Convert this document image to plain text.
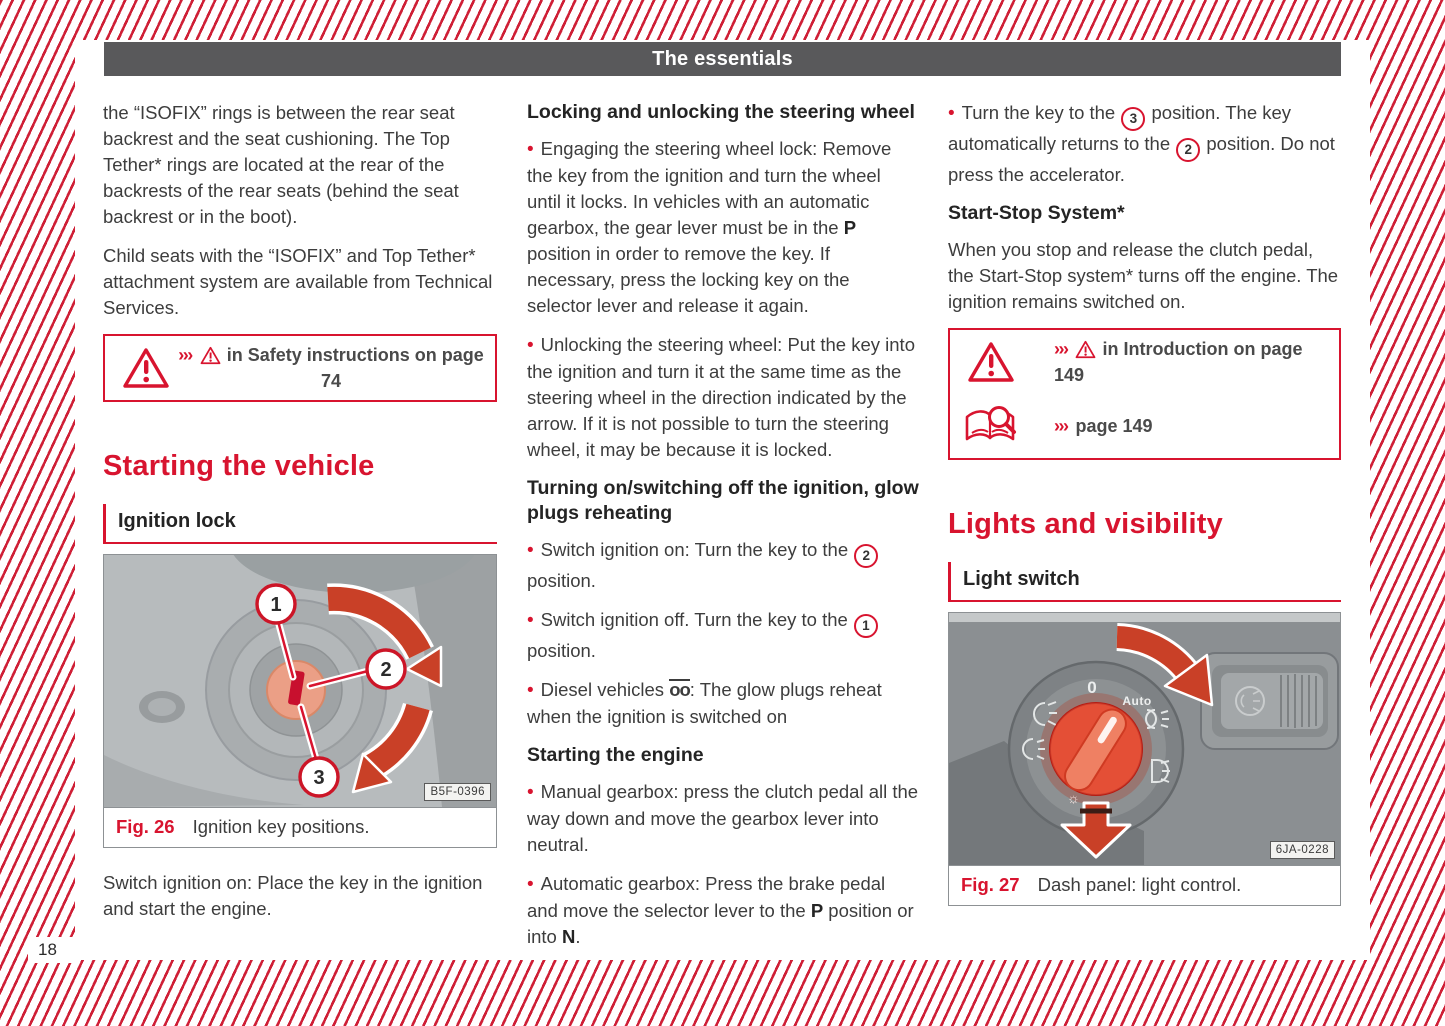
The essentials

the “ISOFIX” rings is between the rear seat backrest and the seat cushioning. The Top Tether* rings are located at the rear of the backrests of the rear seats (behind the seat backrest or in the boot).

Child seats with the “ISOFIX” and Top Tether* attachment system are available from Technical Services.

››› in Safety instructions on page 74
Starting the vehicle
Ignition lock
1
2
3
B5F-0396
Fig. 26 Ignition key positions.

Switch ignition on: Place the key in the ignition and start the engine.

Locking and unlocking the steering wheel

• Engaging the steering wheel lock: Remove the key from the ignition and turn the wheel until it locks. In vehicles with an automatic gearbox, the gear lever must be in the P position in order to remove the key. If necessary, press the locking key on the selector lever and release it again.

• Unlocking the steering wheel: Put the key into the ignition and turn it at the same time as the steering wheel in the direction indicated by the arrow. If it is not possible to turn the steering wheel, it may be because it is locked.

Turning on/switching off the ignition, glow plugs reheating

• Switch ignition on: Turn the key to the 2 position.

• Switch ignition off. Turn the key to the 1 position.

• Diesel vehicles oo: The glow plugs reheat when the ignition is switched on

Starting the engine

• Manual gearbox: press the clutch pedal all the way down and move the gearbox lever into neutral.

• Automatic gearbox: Press the brake pedal and move the selector lever to the P position or into N.

• Turn the key to the 3 position. The key automatically returns to the 2 position. Do not press the accelerator.

Start-Stop System*

When you stop and release the clutch pedal, the Start-Stop system* turns off the engine. The ignition remains switched on.

››› in Introduction on page 149
››› page 149
Lights and visibility
Light switch
0
Auto
☼
6JA-0228
Fig. 27 Dash panel: light control.
18
